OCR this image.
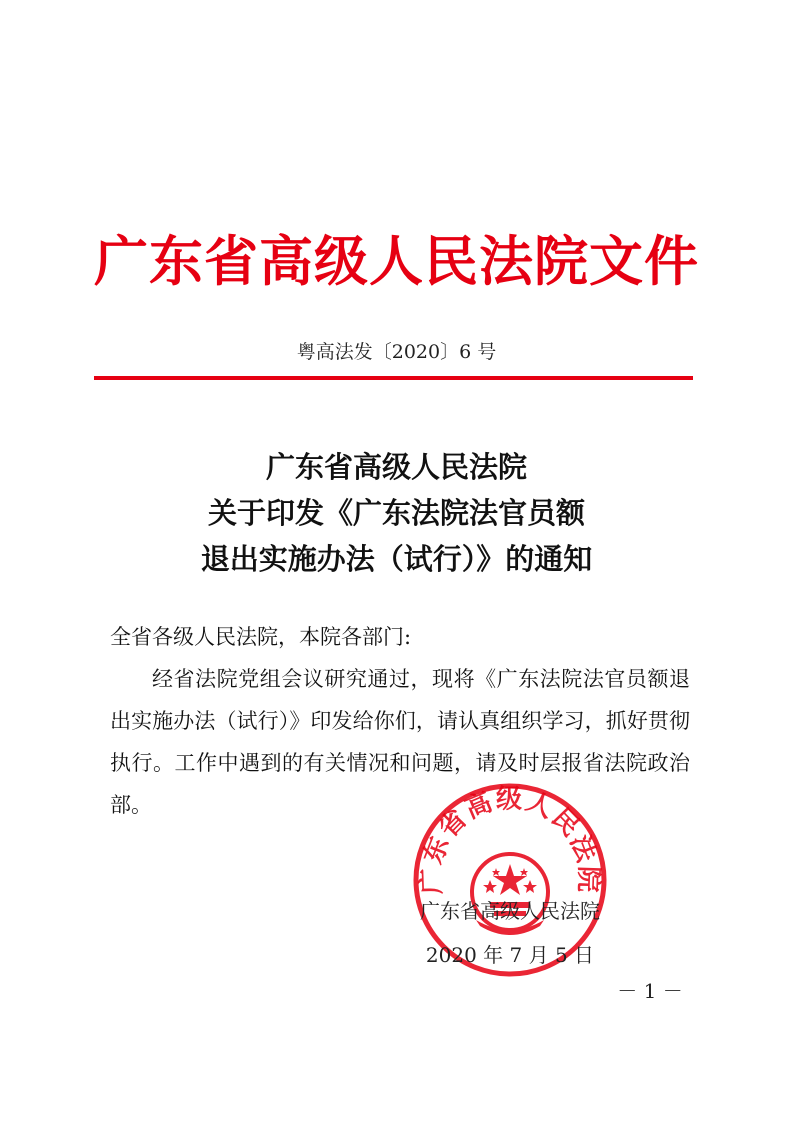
广东省高级人民法院文件
粤高法发〔2020〕6 号
广东省高级人民法院
关于印发《广东法院法官员额
退出实施办法（试行）》的通知
全省各级人民法院，本院各部门:
经省法院党组会议研究通过，现将《广东法院法官员额退出实施办法（试行）》印发给你们，请认真组织学习，抓好贯彻执行。工作中遇到的有关情况和问题，请及时层报省法院政治部。
广东省高级人民法院
广东省高级人民法院
2020 年 7 月 5 日
－ 1 －
